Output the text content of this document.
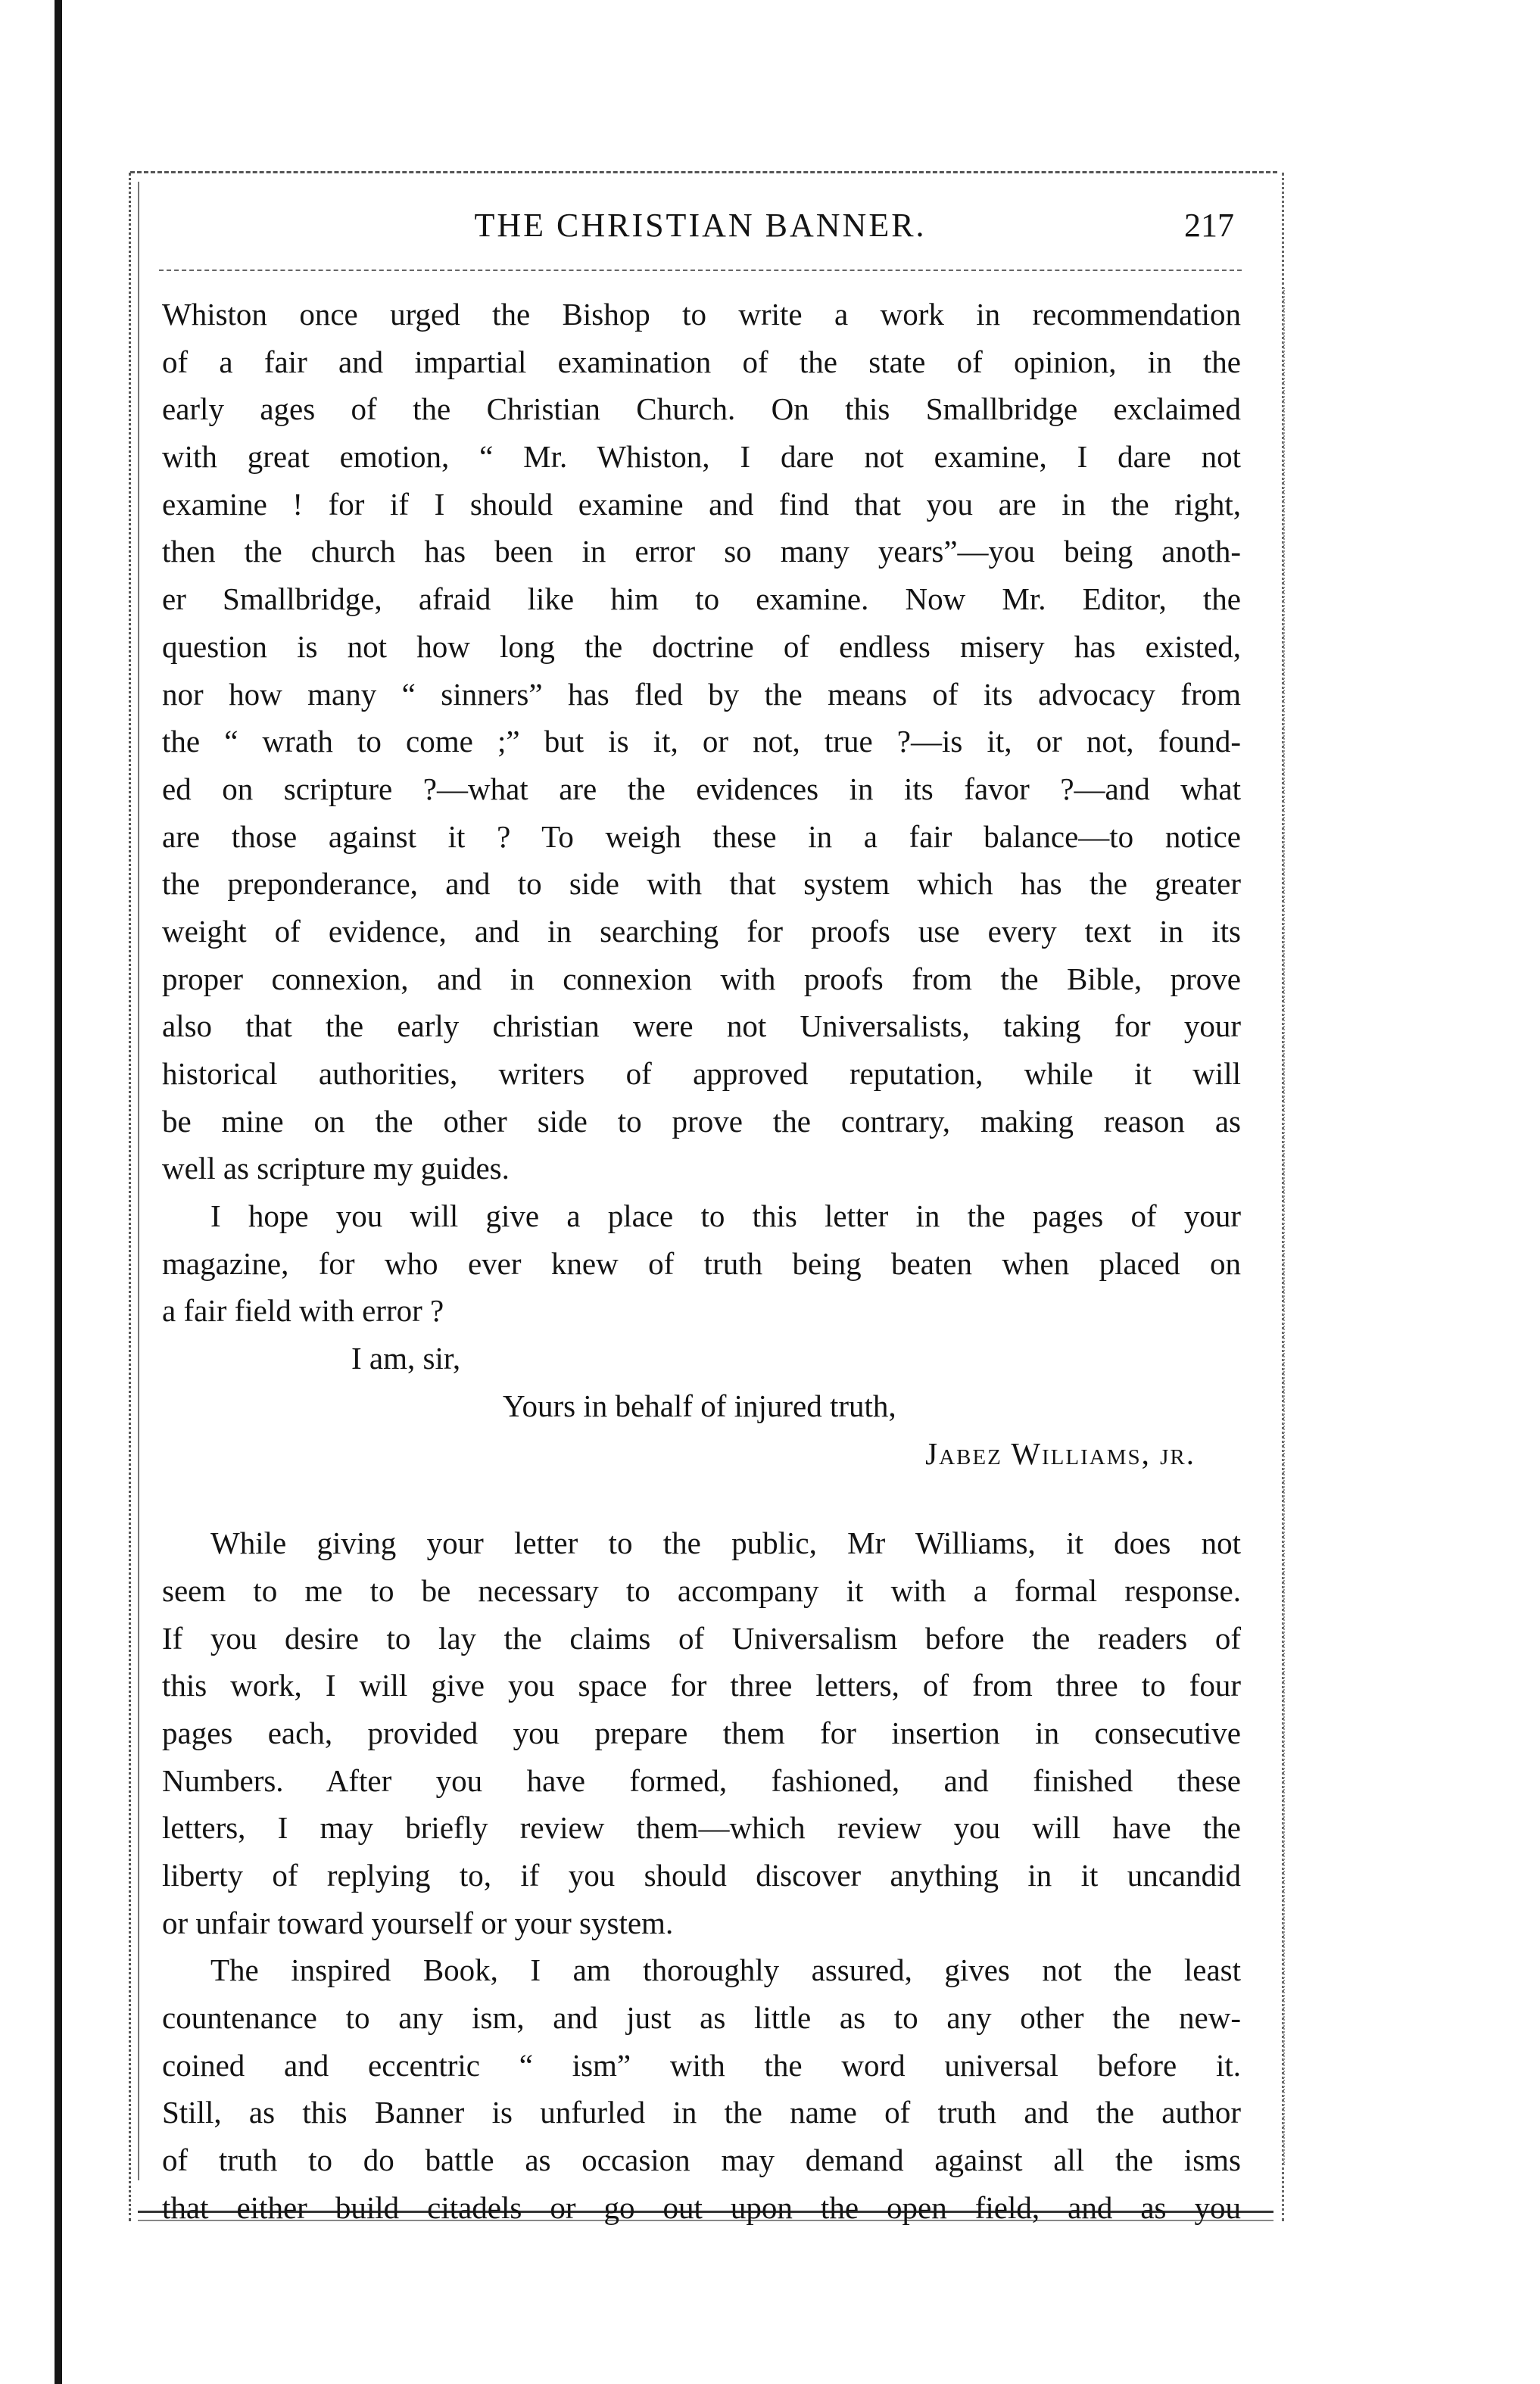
THE CHRISTIAN BANNER.	217
Whiston once urged the Bishop to write a work in recommendation
of a fair and impartial examination of the state of opinion, in the
early ages of the Christian Church. On this Smallbridge exclaimed
with great emotion, “ Mr. Whiston, I dare not examine, I dare not
examine ! for if I should examine and find that you are in the right,
then the church has been in error so many years”—you being anoth-
er Smallbridge, afraid like him to examine. Now Mr. Editor, the
question is not how long the doctrine of endless misery has existed,
nor how many “ sinners” has fled by the means of its advocacy from
the “ wrath to come ;” but is it, or not, true ?—is it, or not, found-
ed on scripture ?—what are the evidences in its favor ?—and what
are those against it ? To weigh these in a fair balance—to notice
the preponderance, and to side with that system which has the greater
weight of evidence, and in searching for proofs use every text in its
proper connexion, and in connexion with proofs from the Bible, prove
also that the early christian were not Universalists, taking for your
historical authorities, writers of approved reputation, while it will
be mine on the other side to prove the contrary, making reason as
well as scripture my guides.
I hope you will give a place to this letter in the pages of your
magazine, for who ever knew of truth being beaten when placed on
a fair field with error ?
I am, sir,
Yours in behalf of injured truth,
Jabez Williams, jr.
While giving your letter to the public, Mr Williams, it does not
seem to me to be necessary to accompany it with a formal response.
If you desire to lay the claims of Universalism before the readers of
this work, I will give you space for three letters, of from three to four
pages each, provided you prepare them for insertion in consecutive
Numbers. After you have formed, fashioned, and finished these
letters, I may briefly review them—which review you will have the
liberty of replying to, if you should discover anything in it uncandid
or unfair toward yourself or your system.
The inspired Book, I am thoroughly assured, gives not the least
countenance to any ism, and just as little as to any other the new-
coined and eccentric “ ism” with the word universal before it.
Still, as this Banner is unfurled in the name of truth and the author
of truth to do battle as occasion may demand against all the isms
that either build citadels or go out upon the open field, and as you
